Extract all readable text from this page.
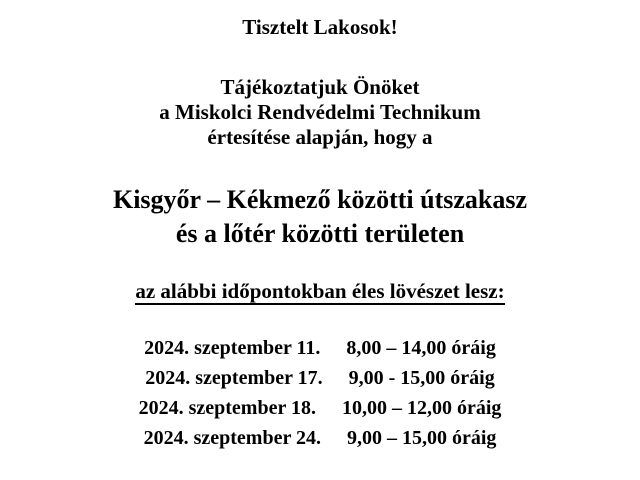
Tisztelt Lakosok!
Tájékoztatjuk Önöket
a Miskolci Rendvédelmi Technikum
értesítése alapján, hogy a
Kisgyőr – Kékmező közötti útszakasz
és a lőtér közötti területen
az alábbi időpontokban éles lövészet lesz:
2024. szeptember 11. 8,00 – 14,00 óráig
2024. szeptember 17. 9,00 - 15,00 óráig
2024. szeptember 18. 10,00 – 12,00 óráig
2024. szeptember 24. 9,00 – 15,00 óráig
